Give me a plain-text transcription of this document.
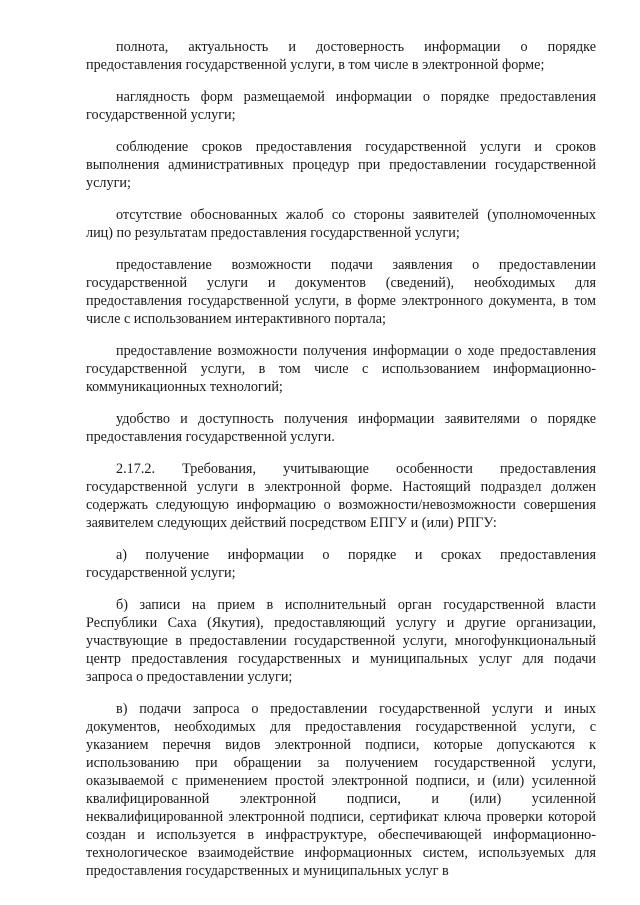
полнота, актуальность и достоверность информации о порядке предоставления государственной услуги, в том числе в электронной форме;

наглядность форм размещаемой информации о порядке предоставления государственной услуги;

соблюдение сроков предоставления государственной услуги и сроков выполнения административных процедур при предоставлении государственной услуги;

отсутствие обоснованных жалоб со стороны заявителей (уполномоченных лиц) по результатам предоставления государственной услуги;

предоставление возможности подачи заявления о предоставлении государственной услуги и документов (сведений), необходимых для предоставления государственной услуги, в форме электронного документа, в том числе с использованием интерактивного портала;

предоставление возможности получения информации о ходе предоставления государственной услуги, в том числе с использованием информационно-коммуникационных технологий;

удобство и доступность получения информации заявителями о порядке предоставления государственной услуги.

2.17.2. Требования, учитывающие особенности предоставления государственной услуги в электронной форме. Настоящий подраздел должен содержать следующую информацию о возможности/невозможности совершения заявителем следующих действий посредством ЕПГУ и (или) РПГУ:

а) получение информации о порядке и сроках предоставления государственной услуги;

б) записи на прием в исполнительный орган государственной власти Республики Саха (Якутия), предоставляющий услугу и другие организации, участвующие в предоставлении государственной услуги, многофункциональный центр предоставления государственных и муниципальных услуг для подачи запроса о предоставлении услуги;

в) подачи запроса о предоставлении государственной услуги и иных документов, необходимых для предоставления государственной услуги, с указанием перечня видов электронной подписи, которые допускаются к использованию при обращении за получением государственной услуги, оказываемой с применением простой электронной подписи, и (или) усиленной квалифицированной электронной подписи, и (или) усиленной неквалифицированной электронной подписи, сертификат ключа проверки которой создан и используется в инфраструктуре, обеспечивающей информационно-технологическое взаимодействие информационных систем, используемых для предоставления государственных и муниципальных услуг в
